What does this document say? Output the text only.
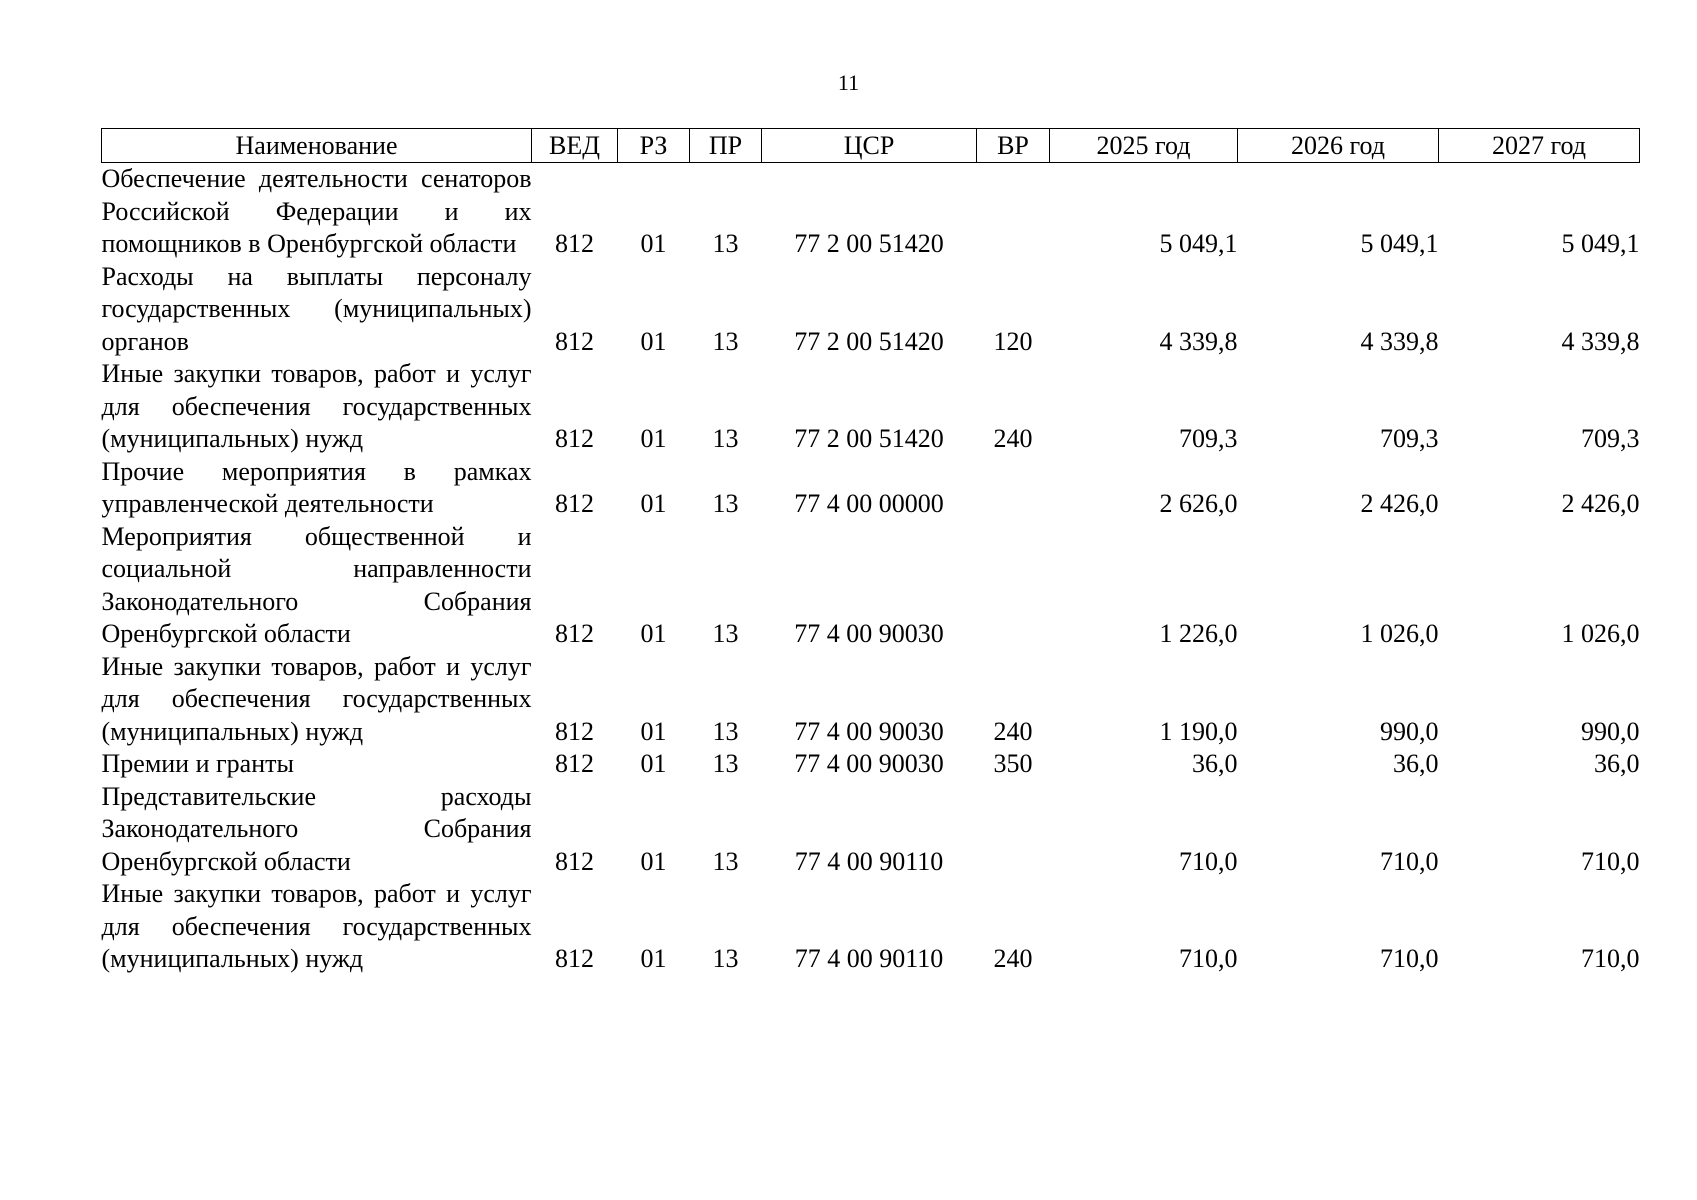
11
Наименование	ВЕД	РЗ	ПР	ЦСР	ВР	2025 год	2026 год	2027 год
Обеспечение деятельности сенаторов Российской Федерации и их помощников в Оренбургской области	812	01	13	77 2 00 51420		5 049,1	5 049,1	5 049,1
Расходы на выплаты персоналу государственных (муниципальных) органов	812	01	13	77 2 00 51420	120	4 339,8	4 339,8	4 339,8
Иные закупки товаров, работ и услуг для обеспечения государственных (муниципальных) нужд	812	01	13	77 2 00 51420	240	709,3	709,3	709,3
Прочие мероприятия в рамках управленческой деятельности	812	01	13	77 4 00 00000		2 626,0	2 426,0	2 426,0
Мероприятия общественной и социальной направленности Законодательного Собрания Оренбургской области	812	01	13	77 4 00 90030		1 226,0	1 026,0	1 026,0
Иные закупки товаров, работ и услуг для обеспечения государственных (муниципальных) нужд	812	01	13	77 4 00 90030	240	1 190,0	990,0	990,0
Премии и гранты	812	01	13	77 4 00 90030	350	36,0	36,0	36,0
Представительские расходы Законодательного Собрания Оренбургской области	812	01	13	77 4 00 90110		710,0	710,0	710,0
Иные закупки товаров, работ и услуг для обеспечения государственных (муниципальных) нужд	812	01	13	77 4 00 90110	240	710,0	710,0	710,0
